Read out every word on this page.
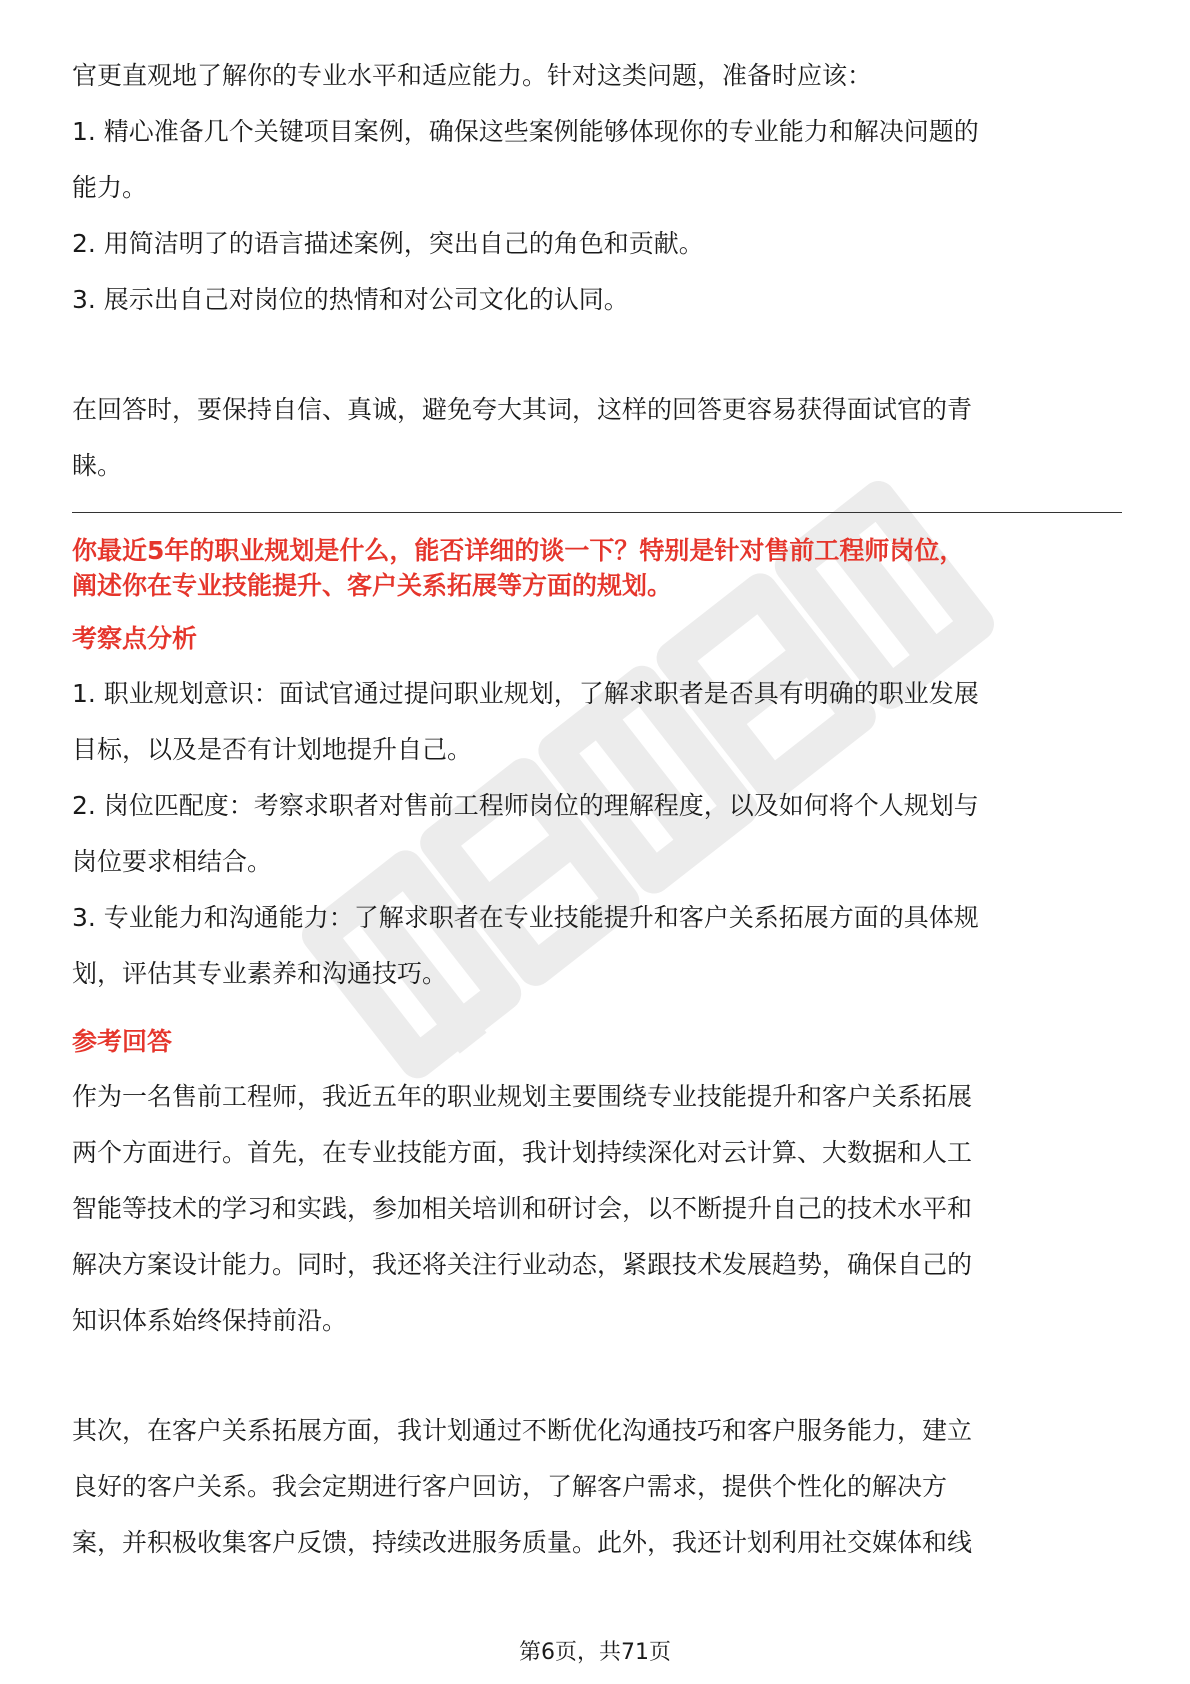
官更直观地了解你的专业水平和适应能力。针对这类问题，准备时应该：

1. 精心准备几个关键项目案例，确保这些案例能够体现你的专业能力和解决问题的

能力。

2. 用简洁明了的语言描述案例，突出自己的角色和贡献。

3. 展示出自己对岗位的热情和对公司文化的认同。

在回答时，要保持自信、真诚，避免夸大其词，这样的回答更容易获得面试官的青

睐。

你最近5年的职业规划是什么，能否详细的谈一下？特别是针对售前工程师岗位，

阐述你在专业技能提升、客户关系拓展等方面的规划。

考察点分析

1. 职业规划意识：面试官通过提问职业规划，了解求职者是否具有明确的职业发展

目标，以及是否有计划地提升自己。

2. 岗位匹配度：考察求职者对售前工程师岗位的理解程度，以及如何将个人规划与

岗位要求相结合。

3. 专业能力和沟通能力：了解求职者在专业技能提升和客户关系拓展方面的具体规

划，评估其专业素养和沟通技巧。

参考回答

作为一名售前工程师，我近五年的职业规划主要围绕专业技能提升和客户关系拓展

两个方面进行。首先，在专业技能方面，我计划持续深化对云计算、大数据和人工

智能等技术的学习和实践，参加相关培训和研讨会，以不断提升自己的技术水平和

解决方案设计能力。同时，我还将关注行业动态，紧跟技术发展趋势，确保自己的

知识体系始终保持前沿。

其次，在客户关系拓展方面，我计划通过不断优化沟通技巧和客户服务能力，建立

良好的客户关系。我会定期进行客户回访，了解客户需求，提供个性化的解决方

案，并积极收集客户反馈，持续改进服务质量。此外，我还计划利用社交媒体和线

第6页，共71页
